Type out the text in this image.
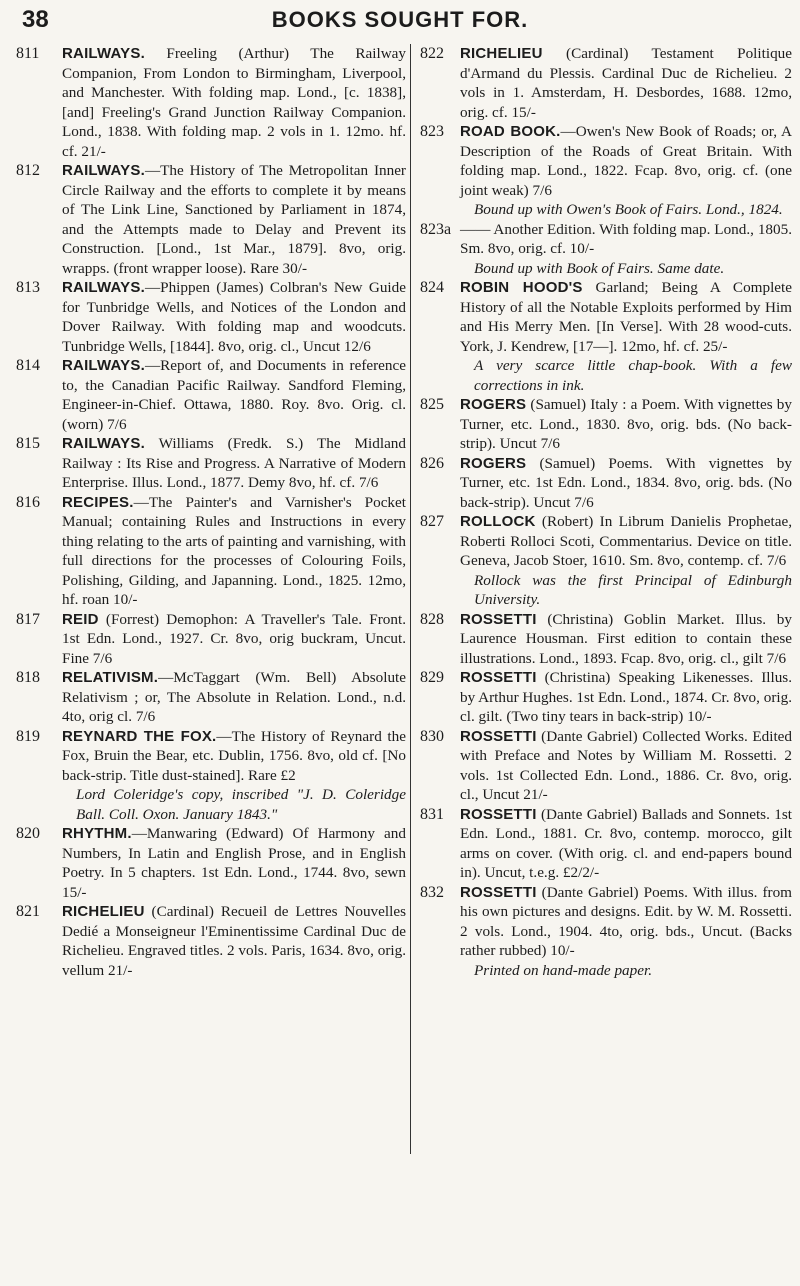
38	BOOKS SOUGHT FOR.
811	RAILWAYS. Freeling (Arthur) The Railway Companion, From London to Birmingham, Liverpool, and Manchester. With folding map. Lond., [c. 1838], [and] Freeling's Grand Junction Railway Companion. Lond., 1838. With folding map. 2 vols in 1. 12mo. hf. cf. 21/-
812	RAILWAYS.—The History of The Metropolitan Inner Circle Railway and the efforts to complete it by means of The Link Line, Sanctioned by Parliament in 1874, and the Attempts made to Delay and Prevent its Construction. [Lond., 1st Mar., 1879]. 8vo, orig. wrapps. (front wrapper loose). Rare 30/-
813	RAILWAYS.—Phippen (James) Colbran's New Guide for Tunbridge Wells, and Notices of the London and Dover Railway. With folding map and woodcuts. Tunbridge Wells, [1844]. 8vo, orig. cl., Uncut 12/6
814	RAILWAYS.—Report of, and Documents in reference to, the Canadian Pacific Railway. Sandford Fleming, Engineer-in-Chief. Ottawa, 1880. Roy. 8vo. Orig. cl. (worn) 7/6
815	RAILWAYS. Williams (Fredk. S.) The Midland Railway : Its Rise and Progress. A Narrative of Modern Enterprise. Illus. Lond., 1877. Demy 8vo, hf. cf. 7/6
816	RECIPES.—The Painter's and Varnisher's Pocket Manual; containing Rules and Instructions in every thing relating to the arts of painting and varnishing, with full directions for the processes of Colouring Foils, Polishing, Gilding, and Japanning. Lond., 1825. 12mo, hf. roan 10/-
817	REID (Forrest) Demophon: A Traveller's Tale. Front. 1st Edn. Lond., 1927. Cr. 8vo, orig buckram, Uncut. Fine 7/6
818	RELATIVISM.—McTaggart (Wm. Bell) Absolute Relativism ; or, The Absolute in Relation. Lond., n.d. 4to, orig cl. 7/6
819	REYNARD THE FOX.—The History of Reynard the Fox, Bruin the Bear, etc. Dublin, 1756. 8vo, old cf. [No back-strip. Title dust-stained]. Rare £2
Lord Coleridge's copy, inscribed "J. D. Coleridge Ball. Coll. Oxon. January 1843."
820	RHYTHM.—Manwaring (Edward) Of Harmony and Numbers, In Latin and English Prose, and in English Poetry. In 5 chapters. 1st Edn. Lond., 1744. 8vo, sewn 15/-
821	RICHELIEU (Cardinal) Recueil de Lettres Nouvelles Dedié a Monseigneur l'Eminentissime Cardinal Duc de Richelieu. Engraved titles. 2 vols. Paris, 1634. 8vo, orig. vellum 21/-
822	RICHELIEU (Cardinal) Testament Politique d'Armand du Plessis. Cardinal Duc de Richelieu. 2 vols in 1. Amsterdam, H. Desbordes, 1688. 12mo, orig. cf. 15/-
823	ROAD BOOK.—Owen's New Book of Roads; or, A Description of the Roads of Great Britain. With folding map. Lond., 1822. Fcap. 8vo, orig. cf. (one joint weak) 7/6
Bound up with Owen's Book of Fairs. Lond., 1824.
823a —— Another Edition. With folding map. Lond., 1805. Sm. 8vo, orig. cf. 10/-
Bound up with Book of Fairs. Same date.
824	ROBIN HOOD'S Garland; Being A Complete History of all the Notable Exploits performed by Him and His Merry Men. [In Verse]. With 28 wood-cuts. York, J. Kendrew, [17—]. 12mo, hf. cf. 25/-
A very scarce little chap-book. With a few corrections in ink.
825	ROGERS (Samuel) Italy : a Poem. With vignettes by Turner, etc. Lond., 1830. 8vo, orig. bds. (No back-strip). Uncut 7/6
826	ROGERS (Samuel) Poems. With vignettes by Turner, etc. 1st Edn. Lond., 1834. 8vo, orig. bds. (No back-strip). Uncut 7/6
827	ROLLOCK (Robert) In Librum Danielis Prophetae, Roberti Rolloci Scoti, Commentarius. Device on title. Geneva, Jacob Stoer, 1610. Sm. 8vo, contemp. cf. 7/6
Rollock was the first Principal of Edinburgh University.
828	ROSSETTI (Christina) Goblin Market. Illus. by Laurence Housman. First edition to contain these illustrations. Lond., 1893. Fcap. 8vo, orig. cl., gilt 7/6
829	ROSSETTI (Christina) Speaking Likenesses. Illus. by Arthur Hughes. 1st Edn. Lond., 1874. Cr. 8vo, orig. cl. gilt. (Two tiny tears in back-strip) 10/-
830	ROSSETTI (Dante Gabriel) Collected Works. Edited with Preface and Notes by William M. Rossetti. 2 vols. 1st Collected Edn. Lond., 1886. Cr. 8vo, orig. cl., Uncut 21/-
831	ROSSETTI (Dante Gabriel) Ballads and Sonnets. 1st Edn. Lond., 1881. Cr. 8vo, contemp. morocco, gilt arms on cover. (With orig. cl. and end-papers bound in). Uncut, t.e.g. £2/2/-
832	ROSSETTI (Dante Gabriel) Poems. With illus. from his own pictures and designs. Edit. by W. M. Rossetti. 2 vols. Lond., 1904. 4to, orig. bds., Uncut. (Backs rather rubbed) 10/-
Printed on hand-made paper.
